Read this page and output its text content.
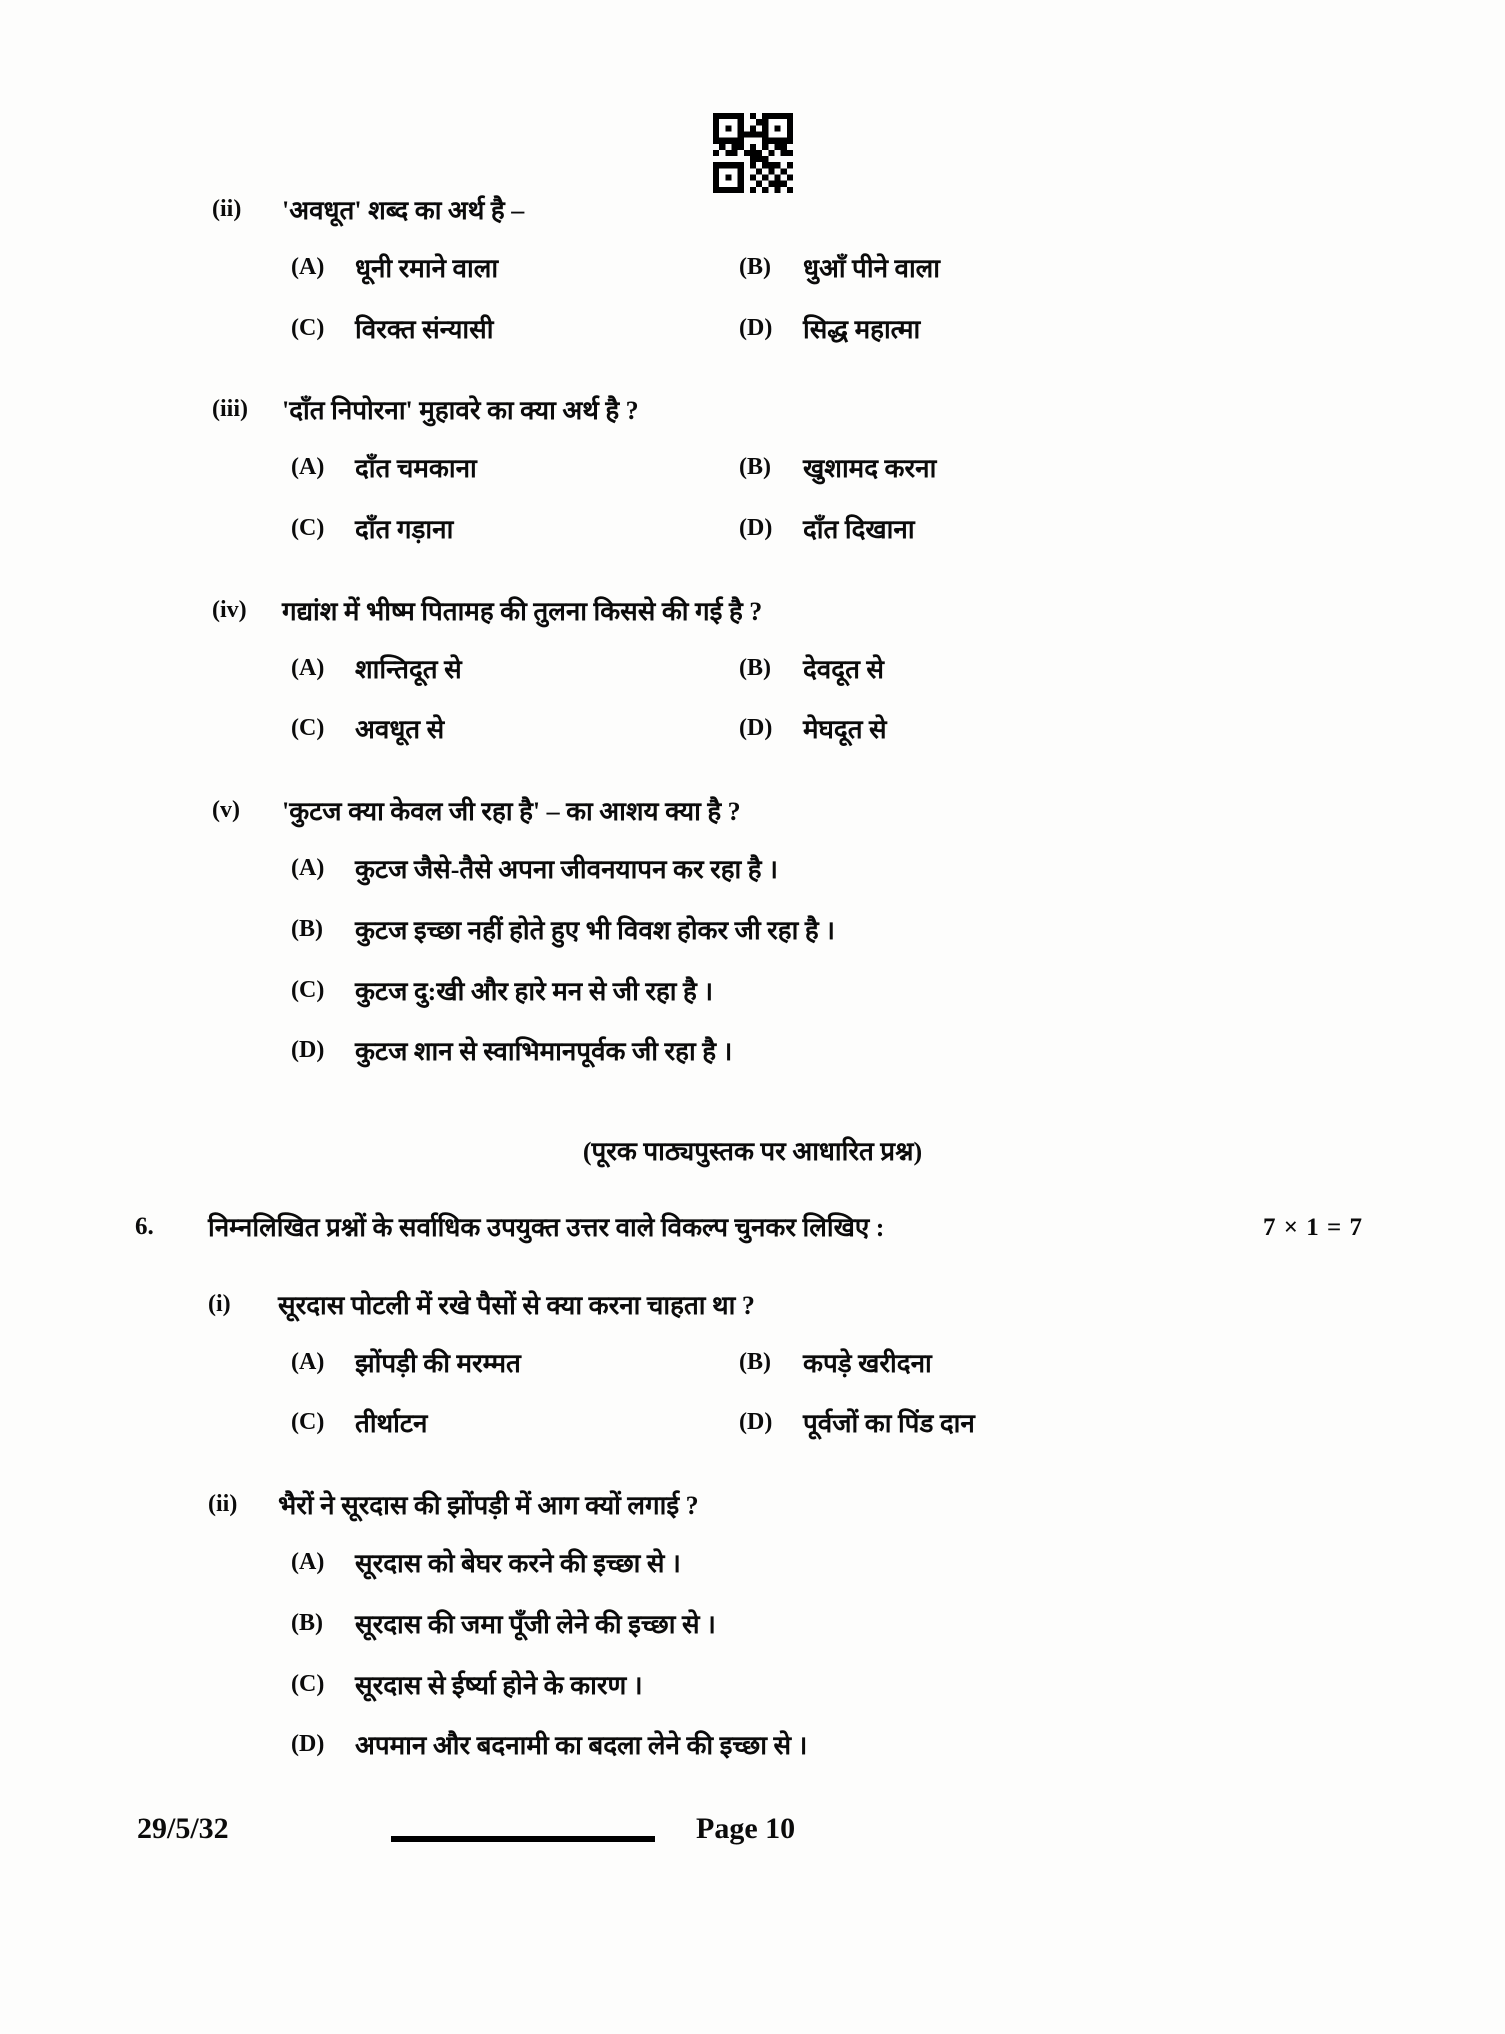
(ii)	'अवधूत' शब्द का अर्थ है –
(A)	धूनी रमाने वाला	(B)	धुआँ पीने वाला
(C)	विरक्त संन्यासी	(D)	सिद्ध महात्मा
(iii)	'दाँत निपोरना' मुहावरे का क्या अर्थ है ?
(A)	दाँत चमकाना	(B)	खुशामद करना
(C)	दाँत गड़ाना	(D)	दाँत दिखाना
(iv)	गद्यांश में भीष्म पितामह की तुलना किससे की गई है ?
(A)	शान्तिदूत से	(B)	देवदूत से
(C)	अवधूत से	(D)	मेघदूत से
(v)	'कुटज क्या केवल जी रहा है' – का आशय क्या है ?
(A)	कुटज जैसे-तैसे अपना जीवनयापन कर रहा है ।
(B)	कुटज इच्छा नहीं होते हुए भी विवश होकर जी रहा है ।
(C)	कुटज दु:खी और हारे मन से जी रहा है ।
(D)	कुटज शान से स्वाभिमानपूर्वक जी रहा है ।
(पूरक पाठ्यपुस्तक पर आधारित प्रश्न)
6.	निम्नलिखित प्रश्नों के सर्वाधिक उपयुक्त उत्तर वाले विकल्प चुनकर लिखिए :	7 × 1 = 7
(i)	सूरदास पोटली में रखे पैसों से क्या करना चाहता था ?
(A)	झोंपड़ी की मरम्मत	(B)	कपड़े खरीदना
(C)	तीर्थाटन	(D)	पूर्वजों का पिंड दान
(ii)	भैरों ने सूरदास की झोंपड़ी में आग क्यों लगाई ?
(A)	सूरदास को बेघर करने की इच्छा से ।
(B)	सूरदास की जमा पूँजी लेने की इच्छा से ।
(C)	सूरदास से ईर्ष्या होने के कारण ।
(D)	अपमान और बदनामी का बदला लेने की इच्छा से ।
29/5/32	Page 10
